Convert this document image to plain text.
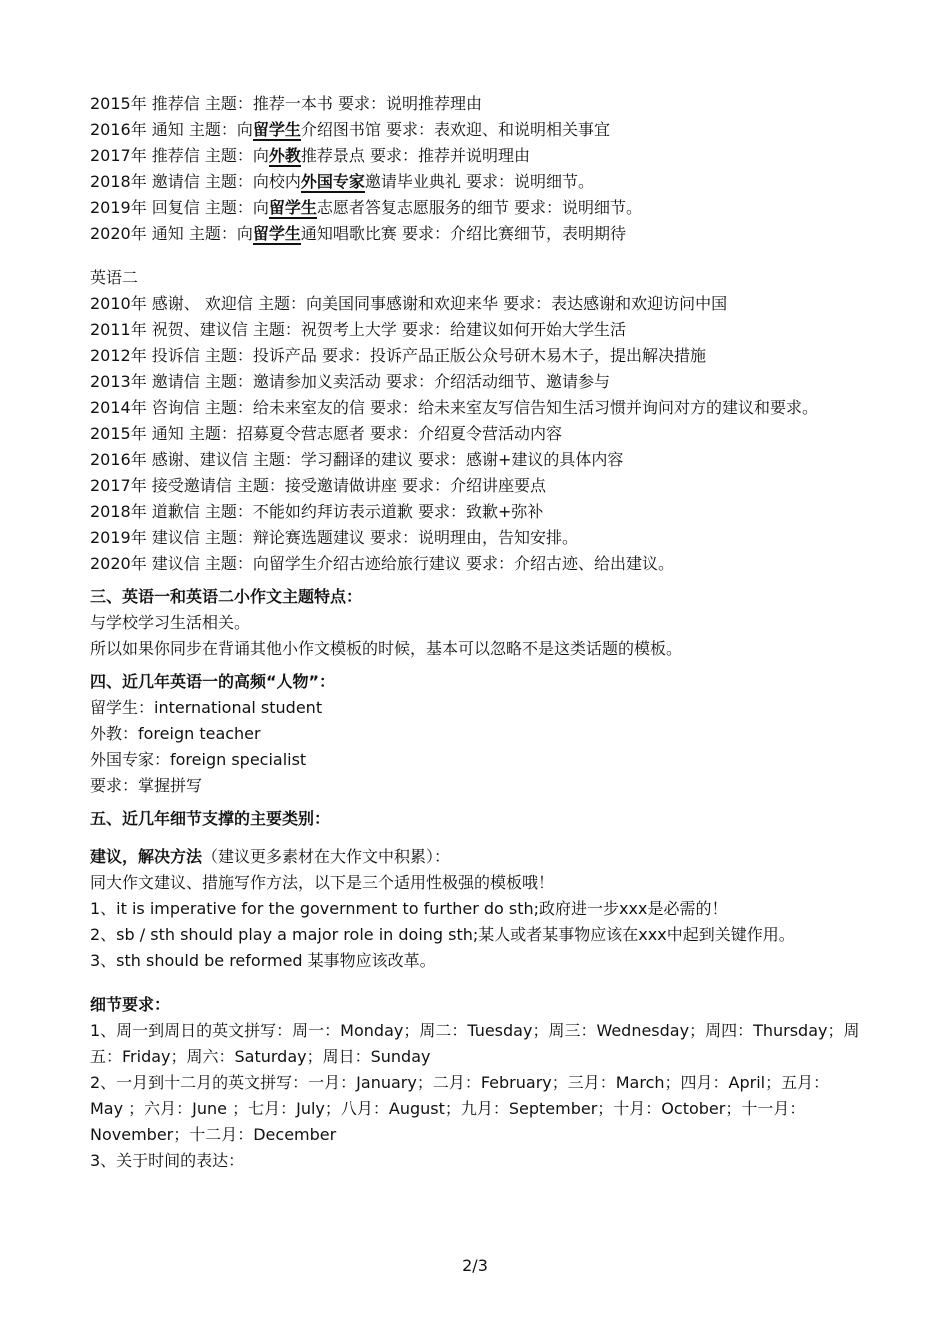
2015年 推荐信 主题：推荐一本书 要求：说明推荐理由
2016年 通知 主题：向留学生介绍图书馆 要求：表欢迎、和说明相关事宜
2017年 推荐信 主题：向外教推荐景点 要求：推荐并说明理由
2018年 邀请信 主题：向校内外国专家邀请毕业典礼 要求：说明细节。
2019年 回复信 主题：向留学生志愿者答复志愿服务的细节 要求：说明细节。
2020年 通知 主题：向留学生通知唱歌比赛 要求：介绍比赛细节，表明期待
英语二
2010年 感谢、 欢迎信 主题：向美国同事感谢和欢迎来华 要求：表达感谢和欢迎访问中国
2011年 祝贺、建议信 主题：祝贺考上大学 要求：给建议如何开始大学生活
2012年 投诉信 主题：投诉产品 要求：投诉产品正版公众号研木易木子，提出解决措施
2013年 邀请信 主题：邀请参加义卖活动 要求：介绍活动细节、邀请参与
2014年 咨询信 主题：给未来室友的信 要求：给未来室友写信告知生活习惯并询问对方的建议和要求。
2015年 通知 主题：招募夏令营志愿者 要求：介绍夏令营活动内容
2016年 感谢、建议信 主题：学习翻译的建议 要求：感谢+建议的具体内容
2017年 接受邀请信 主题：接受邀请做讲座 要求：介绍讲座要点
2018年 道歉信 主题：不能如约拜访表示道歉 要求：致歉+弥补
2019年 建议信 主题：辩论赛选题建议 要求：说明理由，告知安排。
2020年 建议信 主题：向留学生介绍古迹给旅行建议 要求：介绍古迹、给出建议。
三、英语一和英语二小作文主题特点：
与学校学习生活相关。
所以如果你同步在背诵其他小作文模板的时候，基本可以忽略不是这类话题的模板。
四、近几年英语一的高频“人物”：
留学生：international student
外教：foreign teacher
外国专家：foreign specialist
要求：掌握拼写
五、近几年细节支撑的主要类别：
建议，解决方法（建议更多素材在大作文中积累）：
同大作文建议、措施写作方法，以下是三个适用性极强的模板哦！
1、it is imperative for the government to further do sth;政府进一步xxx是必需的！
2、sb / sth should play a major role in doing sth;某人或者某事物应该在xxx中起到关键作用。
3、sth should be reformed 某事物应该改革。
细节要求：
1、周一到周日的英文拼写：周一：Monday；周二：Tuesday；周三：Wednesday；周四：Thursday；周五：Friday；周六：Saturday；周日：Sunday
2、一月到十二月的英文拼写：一月：January；二月：February；三月：March；四月：April；五月：May ；六月：June ；七月：July；八月：August；九月：September；十月：October；十一月：November；十二月：December
3、关于时间的表达：
2/3
